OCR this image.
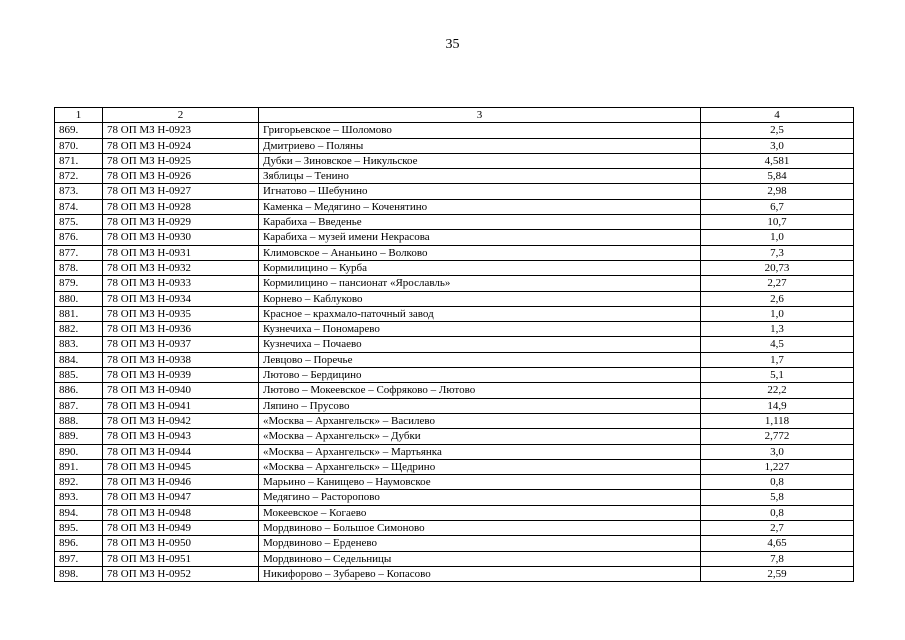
35
1	2	3	4
869.	78 ОП МЗ Н-0923	Григорьевское – Шоломово	2,5
870.	78 ОП МЗ Н-0924	Дмитриево – Поляны	3,0
871.	78 ОП МЗ Н-0925	Дубки – Зиновское – Никульское	4,581
872.	78 ОП МЗ Н-0926	Зяблицы – Тенино	5,84
873.	78 ОП МЗ Н-0927	Игнатово – Шебунино	2,98
874.	78 ОП МЗ Н-0928	Каменка – Медягино – Коченятино	6,7
875.	78 ОП МЗ Н-0929	Карабиха – Введенье	10,7
876.	78 ОП МЗ Н-0930	Карабиха – музей имени Некрасова	1,0
877.	78 ОП МЗ Н-0931	Климовское – Ананьино – Волково	7,3
878.	78 ОП МЗ Н-0932	Кормилицино – Курба	20,73
879.	78 ОП МЗ Н-0933	Кормилицино – пансионат «Ярославль»	2,27
880.	78 ОП МЗ Н-0934	Корнево – Каблуково	2,6
881.	78 ОП МЗ Н-0935	Красное – крахмало-паточный завод	1,0
882.	78 ОП МЗ Н-0936	Кузнечиха – Пономарево	1,3
883.	78 ОП МЗ Н-0937	Кузнечиха – Почаево	4,5
884.	78 ОП МЗ Н-0938	Левцово – Поречье	1,7
885.	78 ОП МЗ Н-0939	Лютово – Бердицино	5,1
886.	78 ОП МЗ Н-0940	Лютово – Мокеевское – Софряково – Лютово	22,2
887.	78 ОП МЗ Н-0941	Ляпино – Прусово	14,9
888.	78 ОП МЗ Н-0942	«Москва – Архангельск» – Василево	1,118
889.	78 ОП МЗ Н-0943	«Москва – Архангельск» – Дубки	2,772
890.	78 ОП МЗ Н-0944	«Москва – Архангельск» – Мартьянка	3,0
891.	78 ОП МЗ Н-0945	«Москва – Архангельск» – Щедрино	1,227
892.	78 ОП МЗ Н-0946	Марьино – Канищево – Наумовское	0,8
893.	78 ОП МЗ Н-0947	Медягино – Расторопово	5,8
894.	78 ОП МЗ Н-0948	Мокеевское – Когаево	0,8
895.	78 ОП МЗ Н-0949	Мордвиново – Большое Симоново	2,7
896.	78 ОП МЗ Н-0950	Мордвиново – Ерденево	4,65
897.	78 ОП МЗ Н-0951	Мордвиново – Седельницы	7,8
898.	78 ОП МЗ Н-0952	Никифорово – Зубарево – Копасово	2,59
